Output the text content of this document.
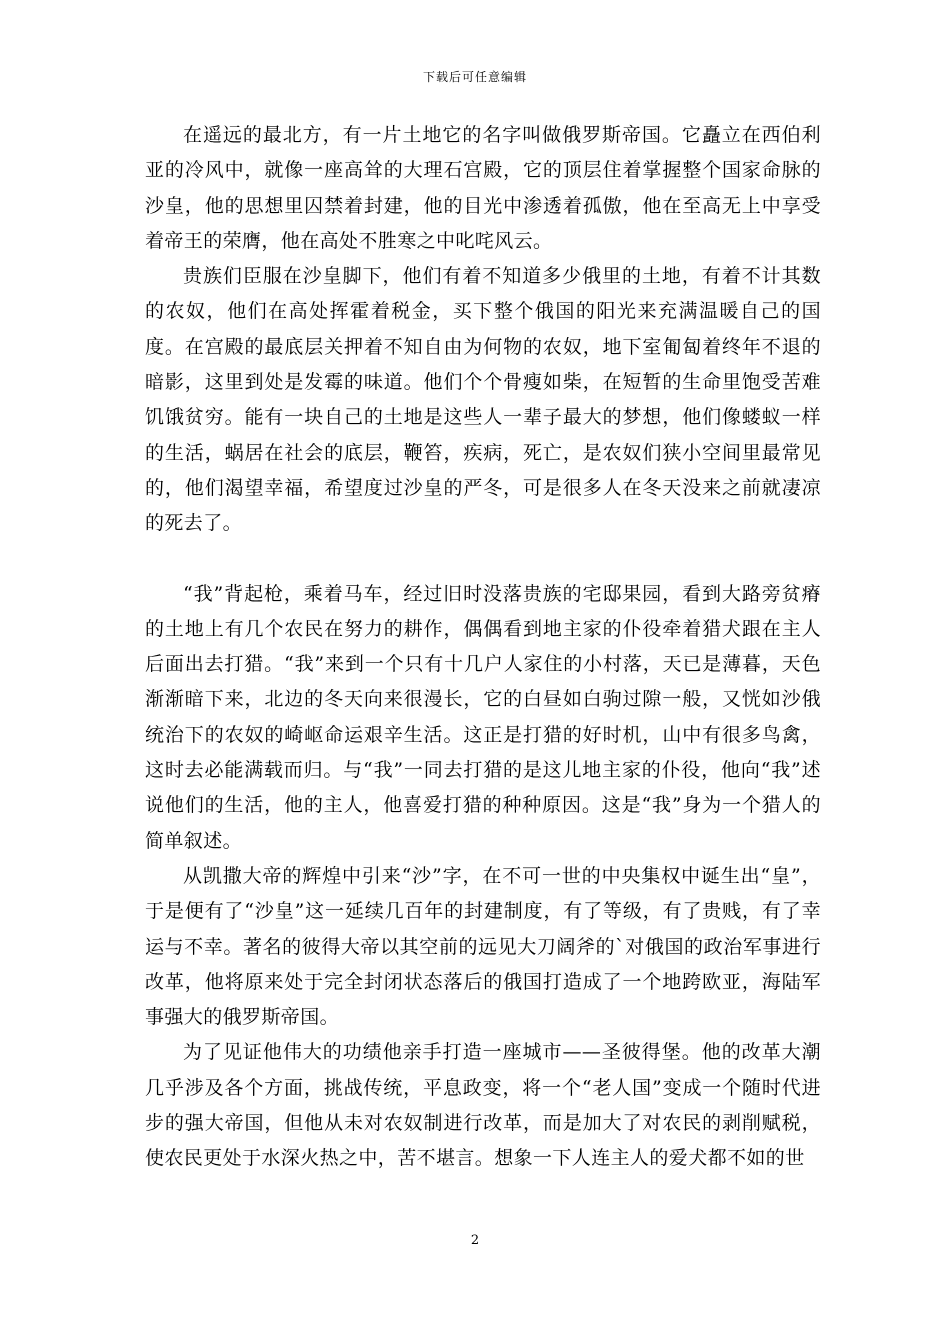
下载后可任意编辑

在遥远的最北方，有一片土地它的名字叫做俄罗斯帝国。它矗立在西伯利亚的冷风中，就像一座高耸的大理石宫殿，它的顶层住着掌握整个国家命脉的沙皇，他的思想里囚禁着封建，他的目光中渗透着孤傲，他在至高无上中享受着帝王的荣膺，他在高处不胜寒之中叱咤风云。

贵族们臣服在沙皇脚下，他们有着不知道多少俄里的土地，有着不计其数的农奴，他们在高处挥霍着税金，买下整个俄国的阳光来充满温暖自己的国度。在宫殿的最底层关押着不知自由为何物的农奴，地下室匍匐着终年不退的暗影，这里到处是发霉的味道。他们个个骨瘦如柴，在短暂的生命里饱受苦难饥饿贫穷。能有一块自己的土地是这些人一辈子最大的梦想，他们像蝼蚁一样的生活，蜗居在社会的底层，鞭笞，疾病，死亡，是农奴们狭小空间里最常见的，他们渴望幸福，希望度过沙皇的严冬，可是很多人在冬天没来之前就凄凉的死去了。

“我”背起枪，乘着马车，经过旧时没落贵族的宅邸果园，看到大路旁贫瘠的土地上有几个农民在努力的耕作，偶偶看到地主家的仆役牵着猎犬跟在主人后面出去打猎。“我”来到一个只有十几户人家住的小村落，天已是薄暮，天色渐渐暗下来，北边的冬天向来很漫长，它的白昼如白驹过隙一般，又恍如沙俄统治下的农奴的崎岖命运艰辛生活。这正是打猎的好时机，山中有很多鸟禽，这时去必能满载而归。与“我”一同去打猎的是这儿地主家的仆役，他向“我”述说他们的生活，他的主人，他喜爱打猎的种种原因。这是“我”身为一个猎人的简单叙述。

从凯撒大帝的辉煌中引来“沙”字，在不可一世的中央集权中诞生出“皇”，于是便有了“沙皇”这一延续几百年的封建制度，有了等级，有了贵贱，有了幸运与不幸。著名的彼得大帝以其空前的远见大刀阔斧的`对俄国的政治军事进行改革，他将原来处于完全封闭状态落后的俄国打造成了一个地跨欧亚，海陆军事强大的俄罗斯帝国。

为了见证他伟大的功绩他亲手打造一座城市——圣彼得堡。他的改革大潮几乎涉及各个方面，挑战传统，平息政变，将一个“老人国”变成一个随时代进步的强大帝国，但他从未对农奴制进行改革，而是加大了对农民的剥削赋税，使农民更处于水深火热之中，苦不堪言。想象一下人连主人的爱犬都不如的世

2
